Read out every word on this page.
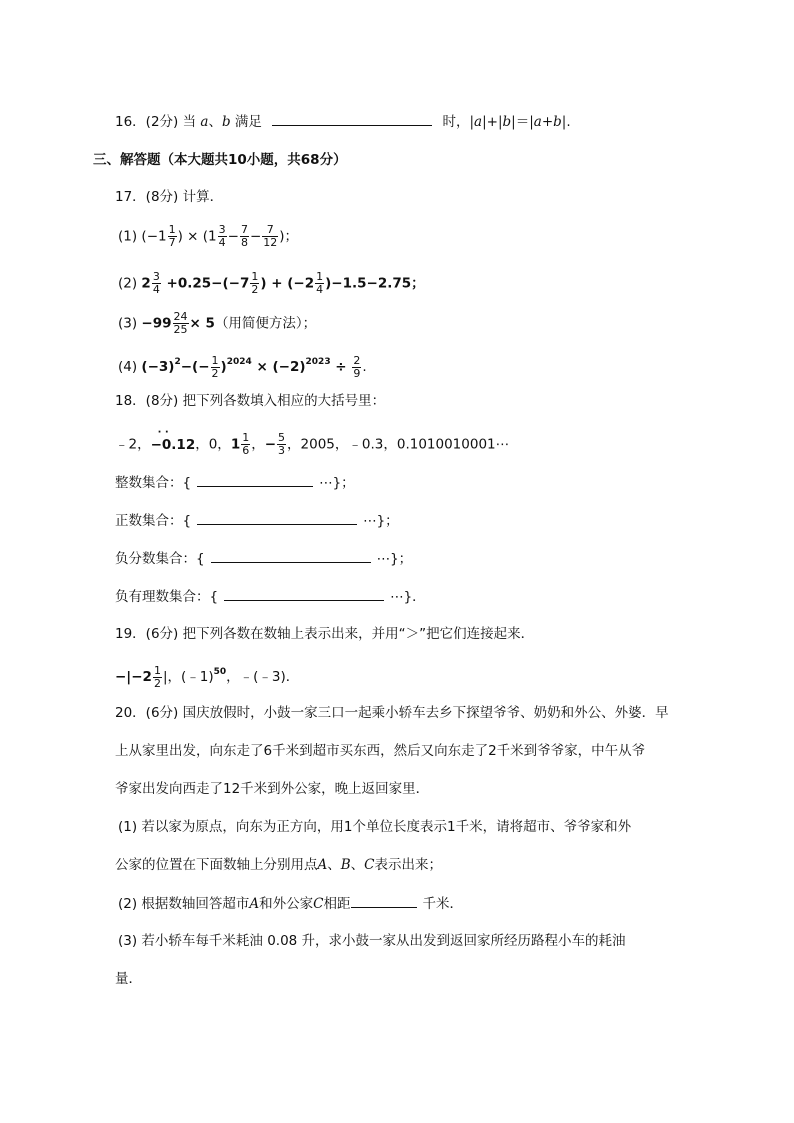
16．(2分) 当 a、b 满足	时，|a|+|b|＝|a+b|.
三、解答题（本大题共10小题，共68分）
17．(8分) 计算．
(1) ($-1 \frac{1}{7}$ ) × ($1 \frac{3}{4} - \frac{7}{8} - \frac{7}{12}$ )；
(2) $2 \frac{3}{4} +0.25-(-7 \frac{1}{2}$ ) + $(-2 \frac{1}{4} )-1.5-2.75$；
$(3) -99 \frac{24}{25} \times 5$（用简便方法）；
(4) $(-3)^2-(- \frac{1}{2} )^{2024} \times (-2)^{2023} \div \frac{2}{9}$ .
18．(8分) 把下列各数填入相应的大括号里：
﹣2，· · −0.12，0，$1 \frac{1}{6}$ ，− $\frac{5}{3}$ ，2005，﹣0.3，0.1010010001⋯
整数集合：{	⋯}；
正数集合：{	⋯}；
负分数集合：{	⋯}；
负有理数集合：{	⋯}．
19．(6分) 把下列各数在数轴上表示出来，并用“＞”把它们连接起来．
$-|-2 \frac{1}{2}$ |，(﹣1)$^{50}$，﹣(﹣3)．
20．(6分) 国庆放假时，小鼓一家三口一起乘小轿车去乡下探望爷爷、奶奶和外公、外婆．早
上从家里出发，向东走了6千米到超市买东西，然后又向东走了2千米到爷爷家，中午从爷
爷家出发向西走了12千米到外公家，晚上返回家里．
(1) 若以家为原点，向东为正方向，用1个单位长度表示1千米，请将超市、爷爷家和外
公家的位置在下面数轴上分别用点A、B、C表示出来；
(2) 根据数轴回答超市A和外公家C相距	千米．
(3) 若小轿车每千米耗油 0.08 升，求小鼓一家从出发到返回家所经历路程小车的耗油
量．
